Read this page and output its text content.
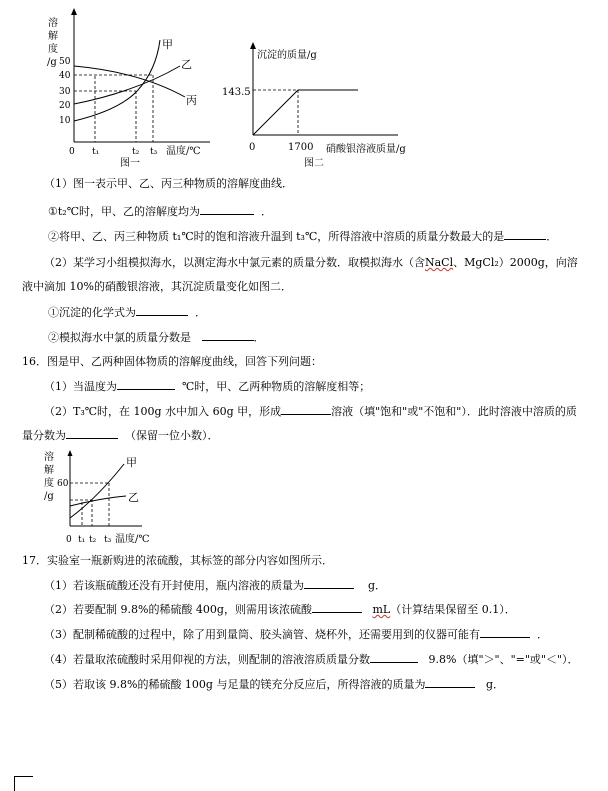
溶
解
度
/g 50
40
30
20
10
甲
乙
丙
0 t₁	t₂ t₃ 温度/℃
图一
沉淀的质量/g
143.5
0	1700 硝酸银溶液质量/g
图二
（1）图一表示甲、乙、丙三种物质的溶解度曲线．
①t₂℃时，甲、乙的溶解度均为	．
②将甲、乙、丙三种物质 t₁℃时的饱和溶液升温到 t₃℃，所得溶液中溶质的质量分数最大的是	．
（2）某学习小组模拟海水，以测定海水中氯元素的质量分数．取模拟海水（含NaCl、MgCl₂）2000g，向溶
液中滴加 10%的硝酸银溶液，其沉淀质量变化如图二．
①沉淀的化学式为	．
②模拟海水中氯的质量分数是	．
16．图是甲、乙两种固体物质的溶解度曲线，回答下列问题：
（1）当温度为	℃时，甲、乙两种物质的溶解度相等；
（2）T₃℃时，在 100g 水中加入 60g 甲，形成	溶液（填"饱和"或"不饱和"）．此时溶液中溶质的质
量分数为	（保留一位小数）．
溶
解
度
/g
60
甲
乙
0 t₁ t₂ t₃ 温度/℃
17．实验室一瓶新购进的浓硫酸，其标签的部分内容如图所示．
（1）若该瓶硫酸还没有开封使用，瓶内溶液的质量为	g．
（2）若要配制 9.8%的稀硫酸 400g，则需用该浓硫酸	mL（计算结果保留至 0.1）．
（3）配制稀硫酸的过程中，除了用到量筒、胶头滴管、烧杯外，还需要用到的仪器可能有	．
（4）若量取浓硫酸时采用仰视的方法，则配制的溶液溶质质量分数	9.8%（填"＞"、"="或"＜"）．
（5）若取该 9.8%的稀硫酸 100g 与足量的镁充分反应后，所得溶液的质量为	g．
